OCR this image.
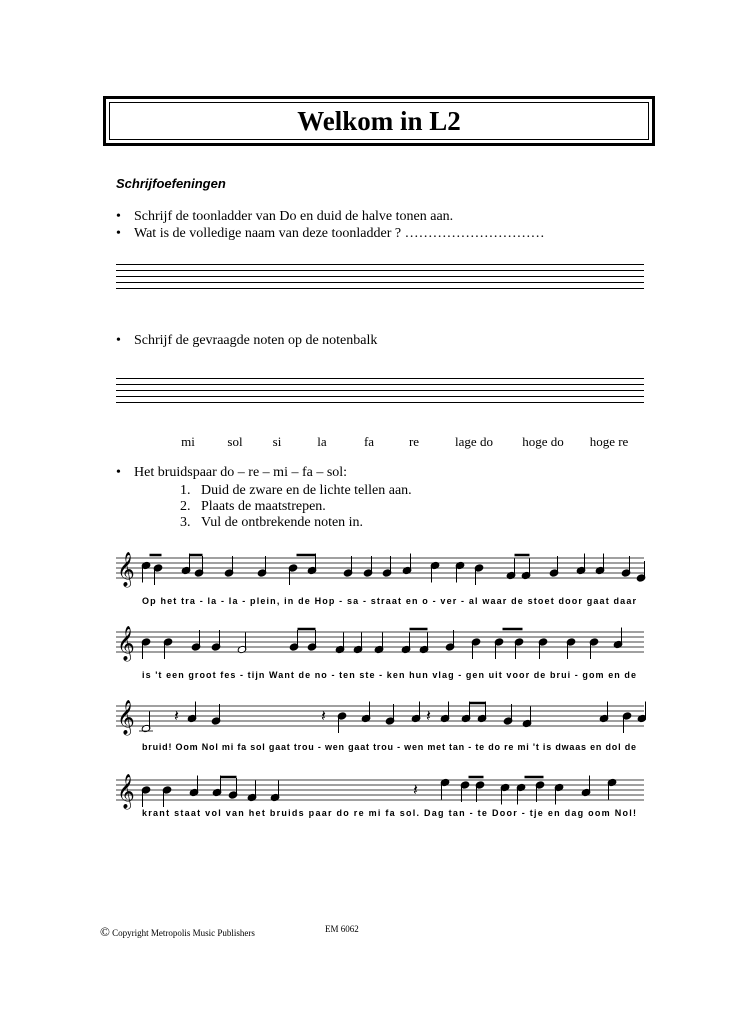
Welkom in L2
Schrijfoefeningen
• Schrijf de toonladder van Do en duid de halve tonen aan.
• Wat is de volledige naam van deze toonladder ? …………………………
• Schrijf de gevraagde noten op de notenbalk
mi	sol si	la	fa	re	lage do hoge do hoge re
• Het bruidspaar do – re – mi – fa – sol:
1. Duid de zware en de lichte tellen aan.
2. Plaats de maatstrepen.
3. Vul de ontbrekende noten in.
𝄞
Op het tra - la - la - plein, in de Hop - sa - straat en o - ver - al waar de stoet door gaat daar
𝄞
is 't een groot fes - tijn Want de no - ten ste - ken hun vlag - gen uit voor de brui - gom en de
𝄞 𝄽	𝄽	𝄽
bruid! Oom Nol mi fa sol gaat trou - wen gaat trou - wen met tan - te do re mi 't is dwaas en dol de
𝄞	𝄽
krant staat vol van het bruids paar do re mi fa sol. Dag tan - te Door - tje en dag oom Nol!
© Copyright Metropolis Music Publishers	EM 6062
